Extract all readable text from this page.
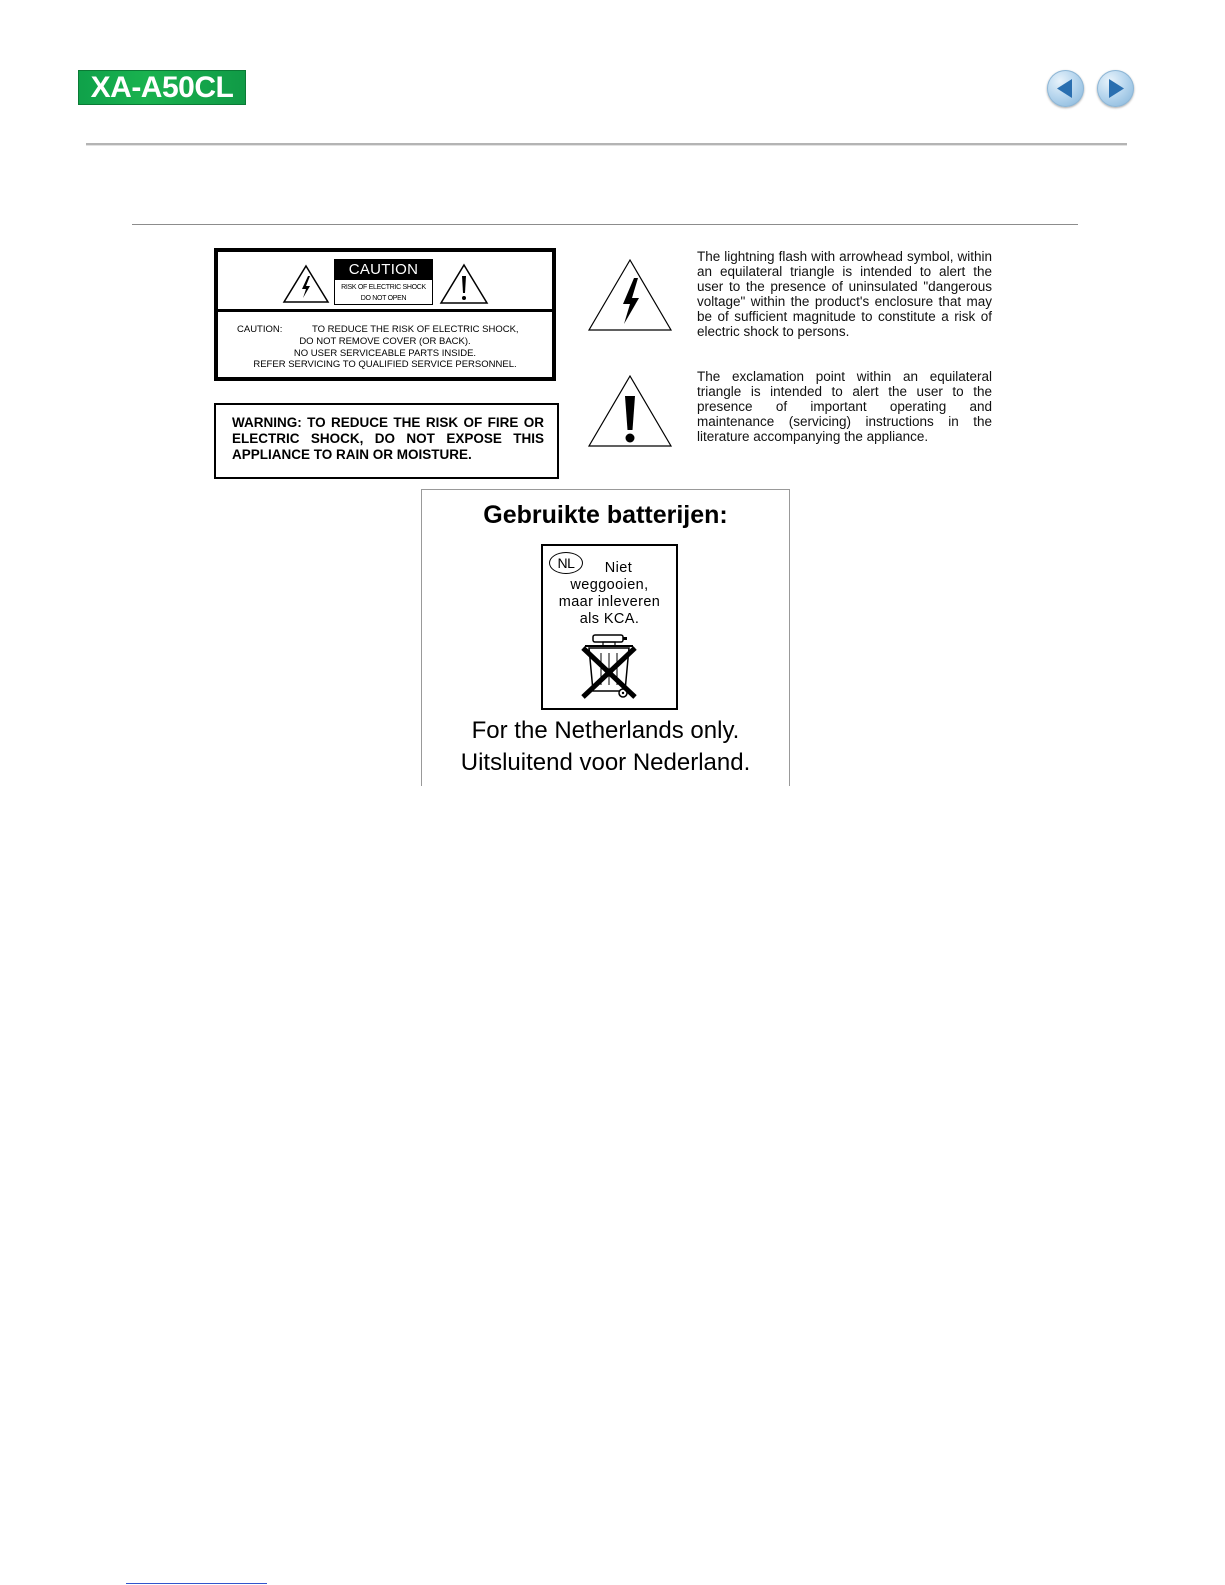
XA-A50CL
CAUTION
RISK OF ELECTRIC SHOCK
DO NOT OPEN
CAUTION:	TO REDUCE THE RISK OF ELECTRIC SHOCK,
DO NOT REMOVE COVER (OR BACK).
NO USER SERVICEABLE PARTS INSIDE.
REFER SERVICING TO QUALIFIED SERVICE PERSONNEL.
WARNING: TO REDUCE THE RISK OF FIRE OR ELECTRIC SHOCK, DO NOT EXPOSE THIS APPLIANCE TO RAIN OR MOISTURE.
The lightning flash with arrowhead symbol, within an equilateral triangle is intended to alert the user to the presence of uninsulated "dangerous voltage" within the product's enclosure that may be of sufficient magnitude to constitute a risk of electric shock to persons.
The exclamation point within an equilateral triangle is intended to alert the user to the presence of important operating and maintenance (servicing) instructions in the literature accompanying the appliance.
Gebruikte batterijen:
NL	Niet
weggooien,
maar inleveren
als KCA.
For the Netherlands only.
Uitsluitend voor Nederland.
